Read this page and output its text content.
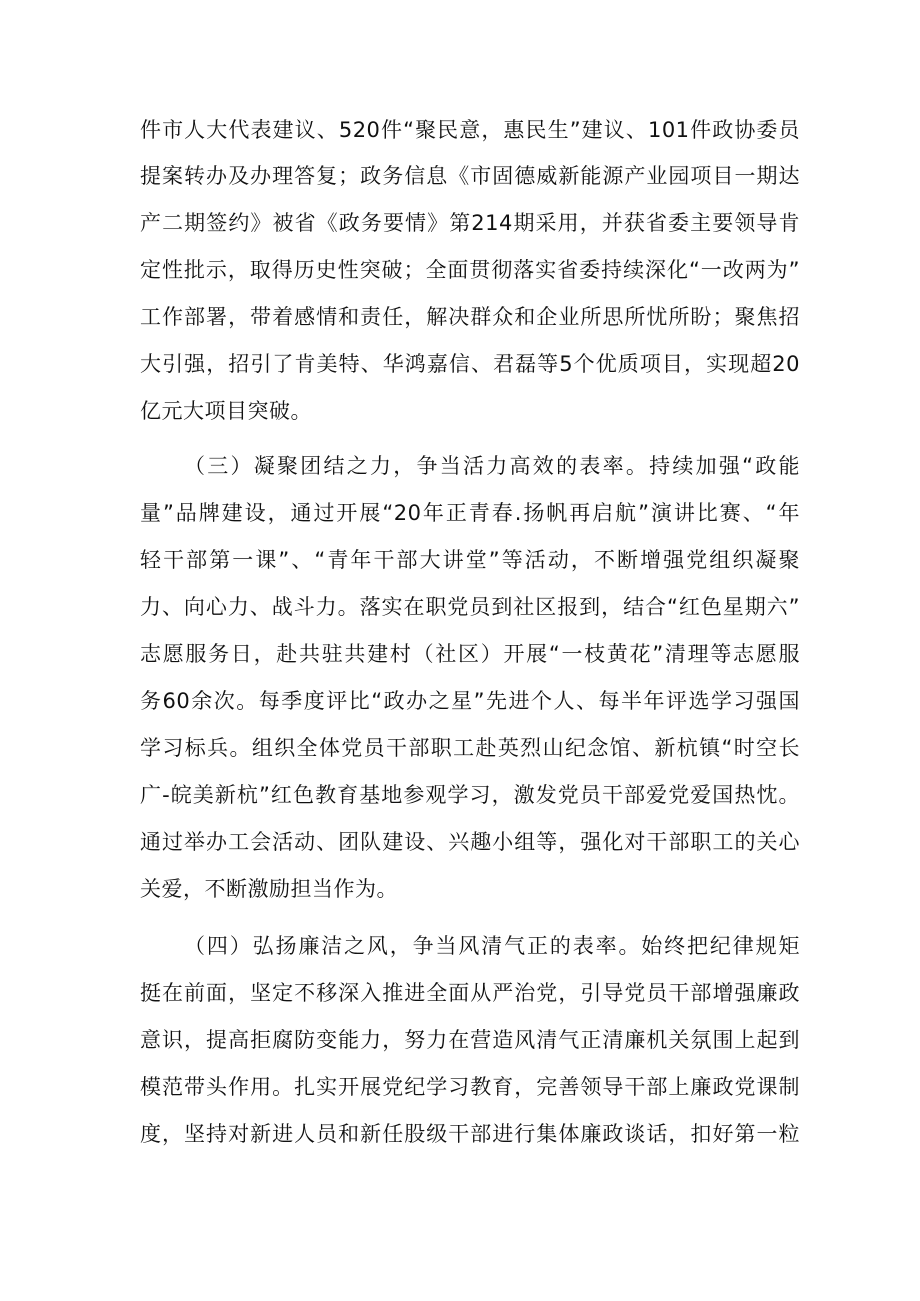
件市人大代表建议、520件“聚民意，惠民生”建议、101件政协委员
提案转办及办理答复；政务信息《市固德威新能源产业园项目一期达
产二期签约》被省《政务要情》第214期采用，并获省委主要领导肯
定性批示，取得历史性突破；全面贯彻落实省委持续深化“一改两为”
工作部署，带着感情和责任，解决群众和企业所思所忧所盼；聚焦招
大引强，招引了肯美特、华鸿嘉信、君磊等5个优质项目，实现超20
亿元大项目突破。
（三）凝聚团结之力，争当活力高效的表率。持续加强“政能
量”品牌建设，通过开展“20年正青春.扬帆再启航”演讲比赛、“年
轻干部第一课”、“青年干部大讲堂”等活动，不断增强党组织凝聚
力、向心力、战斗力。落实在职党员到社区报到，结合“红色星期六”
志愿服务日，赴共驻共建村（社区）开展“一枝黄花”清理等志愿服
务60余次。每季度评比“政办之星”先进个人、每半年评选学习强国
学习标兵。组织全体党员干部职工赴英烈山纪念馆、新杭镇“时空长
广-皖美新杭”红色教育基地参观学习，激发党员干部爱党爱国热忱。
通过举办工会活动、团队建设、兴趣小组等，强化对干部职工的关心
关爱，不断激励担当作为。
（四）弘扬廉洁之风，争当风清气正的表率。始终把纪律规矩
挺在前面，坚定不移深入推进全面从严治党，引导党员干部增强廉政
意识，提高拒腐防变能力，努力在营造风清气正清廉机关氛围上起到
模范带头作用。扎实开展党纪学习教育，完善领导干部上廉政党课制
度，坚持对新进人员和新任股级干部进行集体廉政谈话，扣好第一粒
